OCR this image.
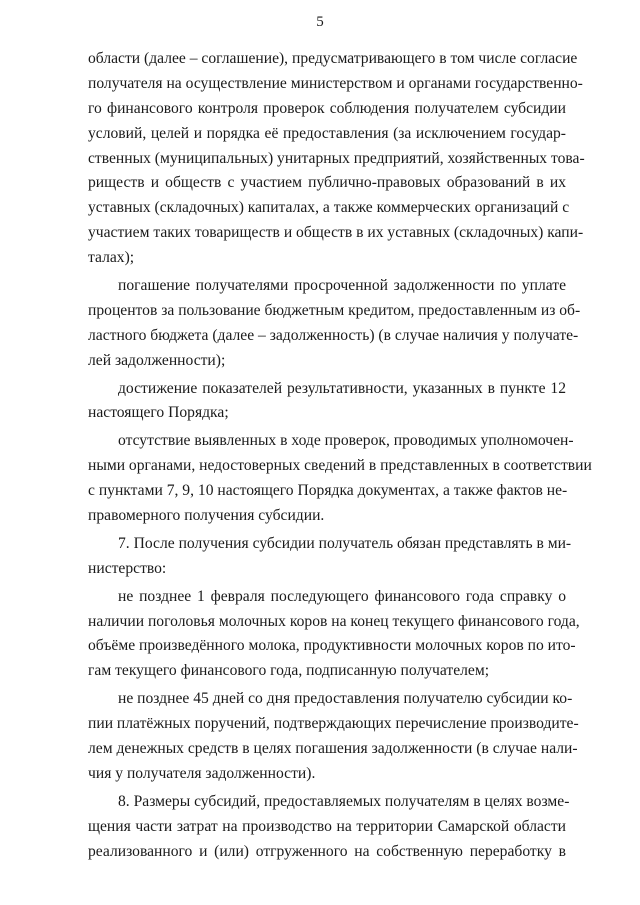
5
области (далее – соглашение), предусматривающего в том числе согласие
получателя на осуществление министерством и органами государственно-
го финансового контроля проверок соблюдения получателем субсидии
условий, целей и порядка её предоставления (за исключением государ-
ственных (муниципальных) унитарных предприятий, хозяйственных това-
риществ и обществ с участием публично-правовых образований в их
уставных (складочных) капиталах, а также коммерческих организаций с
участием таких товариществ и обществ в их уставных (складочных) капи-
талах);
погашение получателями просроченной задолженности по уплате
процентов за пользование бюджетным кредитом, предоставленным из об-
ластного бюджета (далее – задолженность) (в случае наличия у получате-
лей задолженности);
достижение показателей результативности, указанных в пункте 12
настоящего Порядка;
отсутствие выявленных в ходе проверок, проводимых уполномочен-
ными органами, недостоверных сведений в представленных в соответствии
с пунктами 7, 9, 10 настоящего Порядка документах, а также фактов не-
правомерного получения субсидии.
7. После получения субсидии получатель обязан представлять в ми-
нистерство:
не позднее 1 февраля последующего финансового года справку о
наличии поголовья молочных коров на конец текущего финансового года,
объёме произведённого молока, продуктивности молочных коров по ито-
гам текущего финансового года, подписанную получателем;
не позднее 45 дней со дня предоставления получателю субсидии ко-
пии платёжных поручений, подтверждающих перечисление производите-
лем денежных средств в целях погашения задолженности (в случае нали-
чия у получателя задолженности).
8. Размеры субсидий, предоставляемых получателям в целях возме-
щения части затрат на производство на территории Самарской области
реализованного и (или) отгруженного на собственную переработку в
